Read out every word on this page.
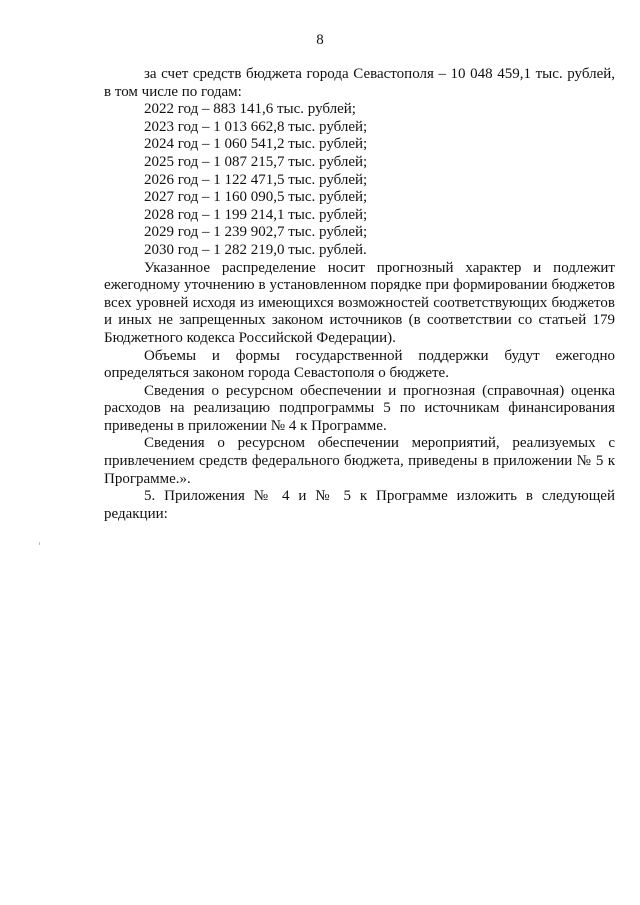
8

за счет средств бюджета города Севастополя – 10 048 459,1 тыс. рублей,

в том числе по годам:

2022 год – 883 141,6 тыс. рублей;

2023 год – 1 013 662,8 тыс. рублей;

2024 год – 1 060 541,2 тыс. рублей;

2025 год – 1 087 215,7 тыс. рублей;

2026 год – 1 122 471,5 тыс. рублей;

2027 год – 1 160 090,5 тыс. рублей;

2028 год – 1 199 214,1 тыс. рублей;

2029 год – 1 239 902,7 тыс. рублей;

2030 год – 1 282 219,0 тыс. рублей.

Указанное распределение носит прогнозный характер и подлежит ежегодному уточнению в установленном порядке при формировании бюджетов всех уровней исходя из имеющихся возможностей соответствующих бюджетов и иных не запрещенных законом источников (в соответствии со статьей 179 Бюджетного кодекса Российской Федерации).

Объемы и формы государственной поддержки будут ежегодно определяться законом города Севастополя о бюджете.

Сведения о ресурсном обеспечении и прогнозная (справочная) оценка расходов на реализацию подпрограммы 5 по источникам финансирования приведены в приложении № 4 к Программе.

Сведения о ресурсном обеспечении мероприятий, реализуемых с привлечением средств федерального бюджета, приведены в приложении № 5 к Программе.».

5. Приложения № 4 и № 5 к Программе изложить в следующей редакции:
